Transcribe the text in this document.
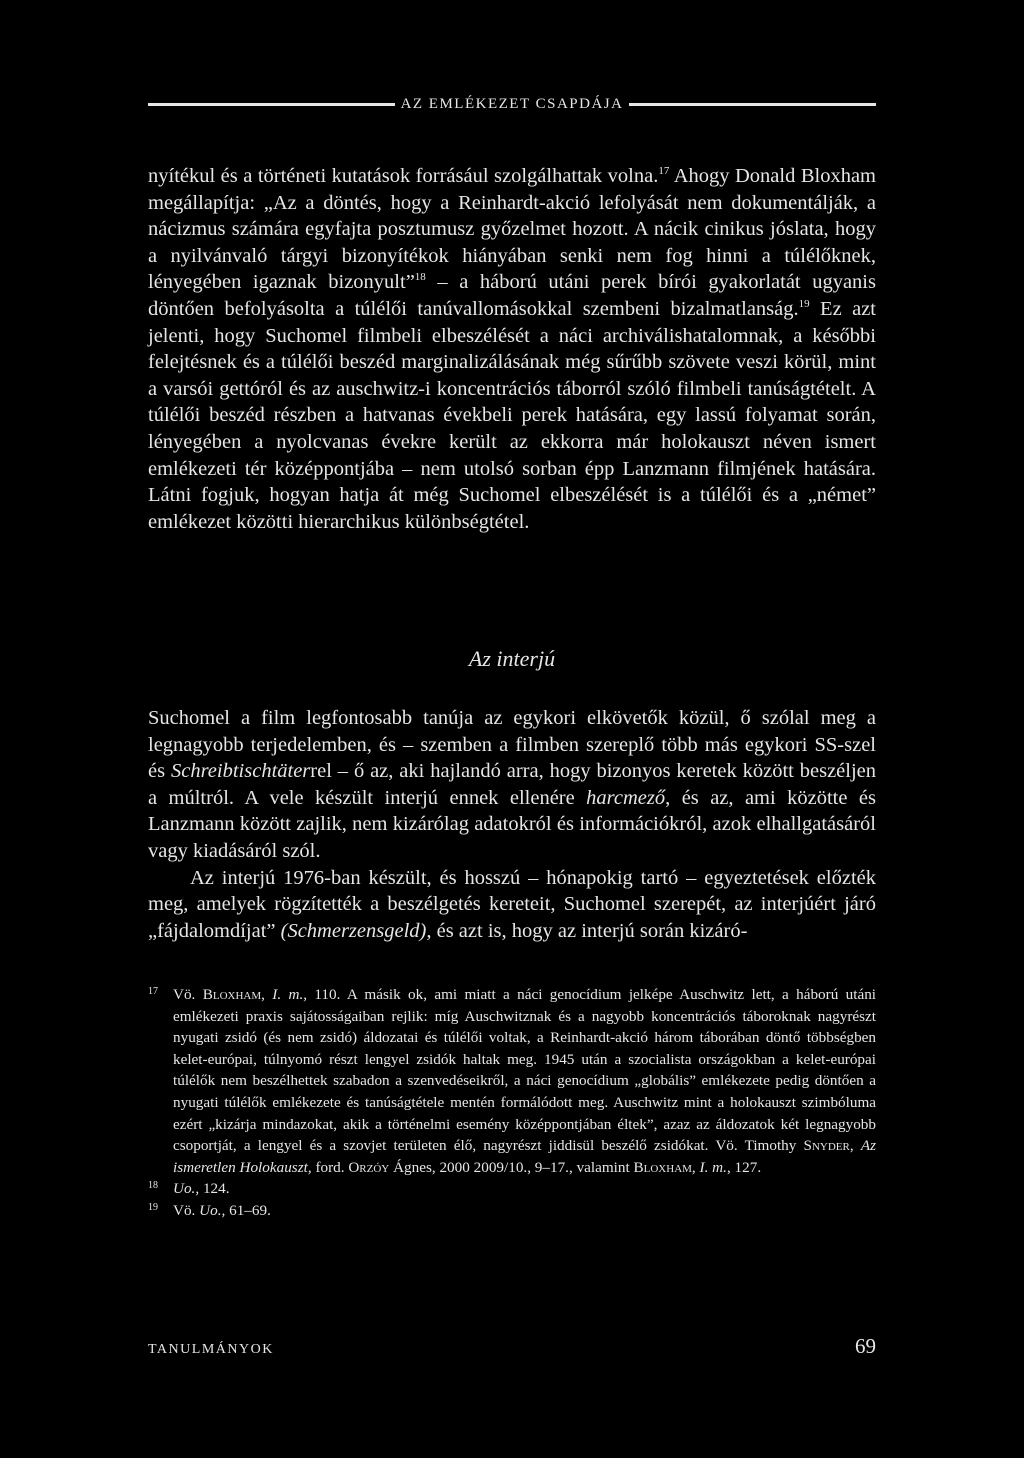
AZ EMLÉKEZET CSAPDÁJA

nyítékul és a történeti kutatások forrásául szolgálhattak volna.$^{17}$ Ahogy Donald Bloxham megállapítja: „Az a döntés, hogy a Reinhardt-akció lefolyását nem dokumentálják, a nácizmus számára egyfajta posztumusz győzelmet hozott. A nácik cinikus jóslata, hogy a nyilvánvaló tárgyi bizonyítékok hiányában senki nem fog hinni a túlélőknek, lényegében igaznak bizonyult”$^{18}$ – a háború utáni perek bírói gyakorlatát ugyanis döntően befolyásolta a túlélői tanúvallomásokkal szembeni bizalmatlanság.$^{19}$ Ez azt jelenti, hogy Suchomel filmbeli elbeszélését a náci archiválishatalomnak, a későbbi felejtésnek és a túlélői beszéd marginalizálásának még sűrűbb szövete veszi körül, mint a varsói gettóról és az auschwitz-i koncentrációs táborról szóló filmbeli tanúságtételt. A túlélői beszéd részben a hatvanas évekbeli perek hatására, egy lassú folyamat során, lényegében a nyolcvanas évekre került az ekkorra már holokauszt néven ismert emlékezeti tér középpontjába – nem utolsó sorban épp Lanzmann filmjének hatására. Látni fogjuk, hogyan hatja át még Suchomel elbeszélését is a túlélői és a „német” emlékezet közötti hierarchikus különbségtétel.

Az interjú

Suchomel a film legfontosabb tanúja az egykori elkövetők közül, ő szólal meg a legnagyobb terjedelemben, és – szemben a filmben szereplő több más egykori SS-szel és Schreibtischtäterrel – ő az, aki hajlandó arra, hogy bizonyos keretek között beszéljen a múltról. A vele készült interjú ennek ellenére harcmező, és az, ami közötte és Lanzmann között zajlik, nem kizárólag adatokról és információkról, azok elhallgatásáról vagy kiadásáról szól.

Az interjú 1976-ban készült, és hosszú – hónapokig tartó – egyeztetések előzték meg, amelyek rögzítették a beszélgetés kereteit, Suchomel szerepét, az interjúért járó „fájdalomdíjat” (Schmerzensgeld), és azt is, hogy az interjú során kizáró-

17 Vö. Bloxham, I. m., 110. A másik ok, ami miatt a náci genocídium jelképe Auschwitz lett, a háború utáni emlékezeti praxis sajátosságaiban rejlik: míg Auschwitznak és a nagyobb koncentrációs táboroknak nagyrészt nyugati zsidó (és nem zsidó) áldozatai és túlélői voltak, a Reinhardt-akció három táborában döntő többségben kelet-európai, túlnyomó részt lengyel zsidók haltak meg. 1945 után a szocialista országokban a kelet-európai túlélők nem beszélhettek szabadon a szenvedéseikről, a náci genocídium „globális” emlékezete pedig döntően a nyugati túlélők emlékezete és tanúságtétele mentén formálódott meg. Auschwitz mint a holokauszt szimbóluma ezért „kizárja mindazokat, akik a történelmi esemény középpontjában éltek”, azaz az áldozatok két legnagyobb csoportját, a lengyel és a szovjet területen élő, nagyrészt jiddisül beszélő zsidókat. Vö. Timothy Snyder, Az ismeretlen Holokauszt, ford. Orzóy Ágnes, 2000 2009/10., 9–17., valamint Bloxham, I. m., 127.

18 Uo., 124.

19 Vö. Uo., 61–69.

TANULMÁNYOK	69
